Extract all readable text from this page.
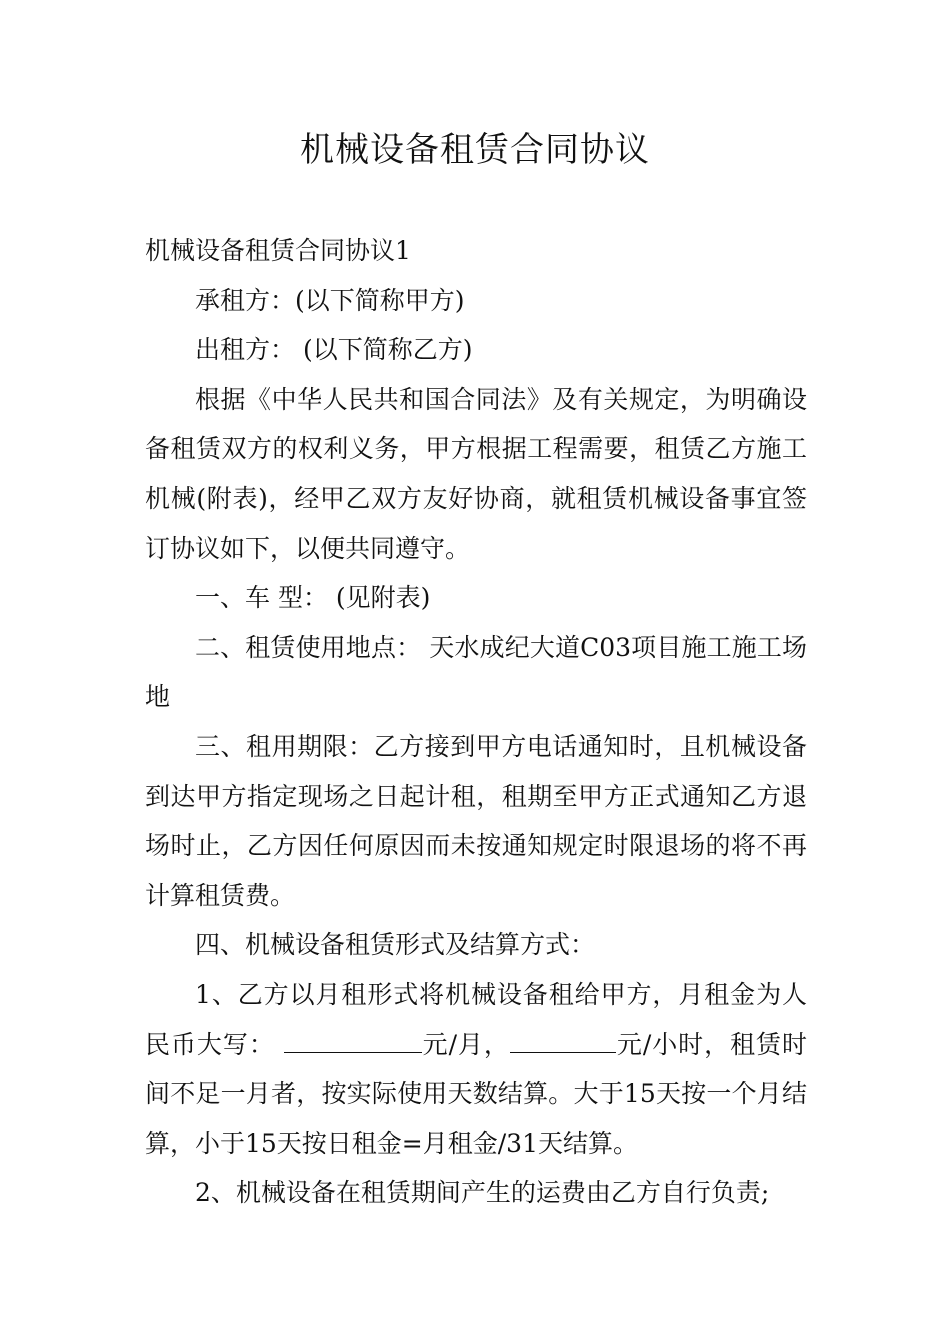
机械设备租赁合同协议

机械设备租赁合同协议1

承租方：(以下简称甲方)

出租方： (以下简称乙方)

根据《中华人民共和国合同法》及有关规定，为明确设备租赁双方的权利义务，甲方根据工程需要，租赁乙方施工机械(附表)，经甲乙双方友好协商，就租赁机械设备事宜签订协议如下，以便共同遵守。

一、车 型： (见附表)

二、租赁使用地点： 天水成纪大道C03项目施工施工场地

三、租用期限：乙方接到甲方电话通知时，且机械设备到达甲方指定现场之日起计租，租期至甲方正式通知乙方退场时止，乙方因任何原因而未按通知规定时限退场的将不再计算租赁费。

四、机械设备租赁形式及结算方式：

1、乙方以月租形式将机械设备租给甲方，月租金为人民币大写：	元/月，	元/小时，租赁时间不足一月者，按实际使用天数结算。大于15天按一个月结算，小于15天按日租金=月租金/31天结算。

2、机械设备在租赁期间产生的运费由乙方自行负责;
